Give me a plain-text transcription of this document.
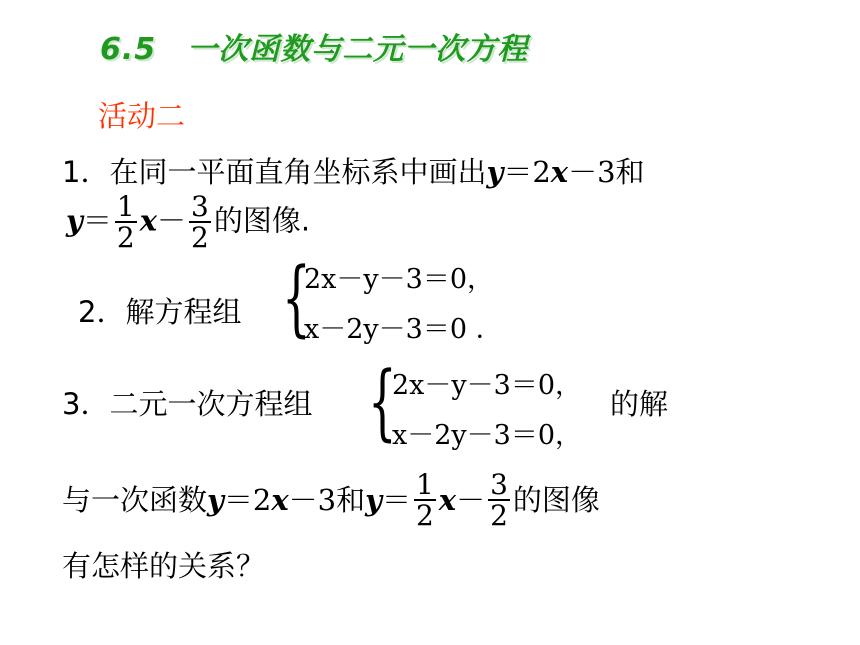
6.5　一次函数与二元一次方程
活动二
1．在同一平面直角坐标系中画出y＝2x－3和
$y= \frac{1}{2} x- \frac{3}{2}$ 的图像.
2．解方程组 {
2x－y－3＝0，
x－2y－3＝0 ．
3．二元一次方程组 {
2x－y－3＝0，
x－2y－3＝0，
的解
与一次函数y＝2x－3和$y= \frac{1}{2} x- \frac{3}{2}$ 的图像
有怎样的关系？
